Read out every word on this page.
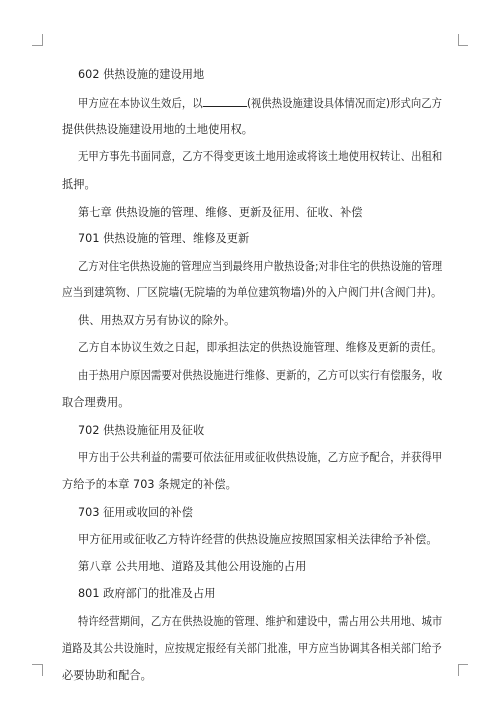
602 供热设施的建设用地
甲方应在本协议生效后，以	(视供热设施建设具体情况而定)形式向乙方
提供供热设施建设用地的土地使用权。
无甲方事先书面同意，乙方不得变更该土地用途或将该土地使用权转让、出租和
抵押。
第七章 供热设施的管理、维修、更新及征用、征收、补偿
701 供热设施的管理、维修及更新
乙方对住宅供热设施的管理应当到最终用户散热设备;对非住宅的供热设施的管理
应当到建筑物、厂区院墙(无院墙的为单位建筑物墙)外的入户阀门井(含阀门井)。
供、用热双方另有协议的除外。
乙方自本协议生效之日起，即承担法定的供热设施管理、维修及更新的责任。
由于热用户原因需要对供热设施进行维修、更新的，乙方可以实行有偿服务，收
取合理费用。
702 供热设施征用及征收
甲方出于公共利益的需要可依法征用或征收供热设施，乙方应予配合，并获得甲
方给予的本章 703 条规定的补偿。
703 征用或收回的补偿
甲方征用或征收乙方特许经营的供热设施应按照国家相关法律给予补偿。
第八章 公共用地、道路及其他公用设施的占用
801 政府部门的批准及占用
特许经营期间，乙方在供热设施的管理、维护和建设中，需占用公共用地、城市
道路及其公共设施时，应按规定报经有关部门批准，甲方应当协调其各相关部门给予
必要协助和配合。
